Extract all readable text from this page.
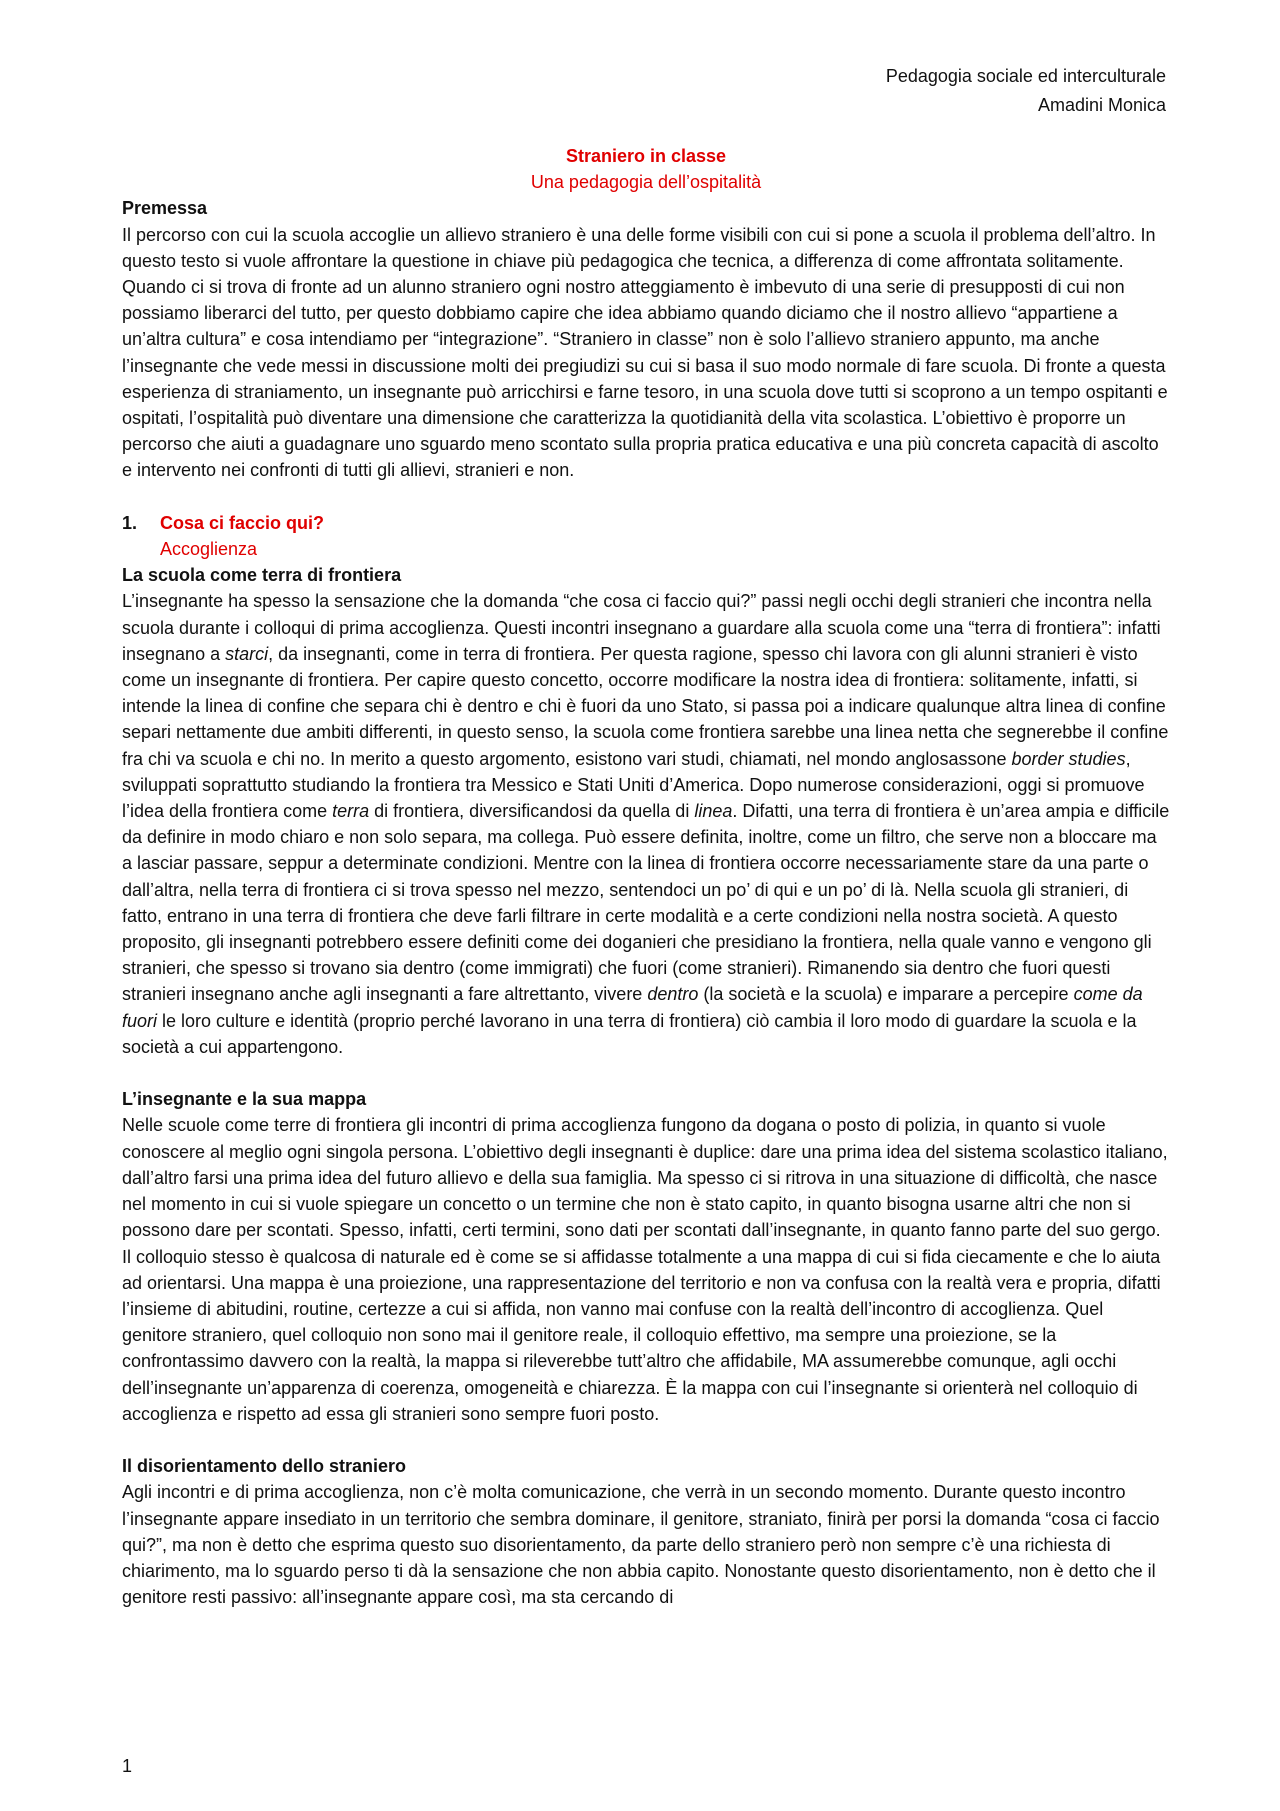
Pedagogia sociale ed interculturale
Amadini Monica

Straniero in classe

Una pedagogia dell’ospitalità

Premessa

Il percorso con cui la scuola accoglie un allievo straniero è una delle forme visibili con cui si pone a scuola il problema dell’altro. In questo testo si vuole affrontare la questione in chiave più pedagogica che tecnica, a differenza di come affrontata solitamente. Quando ci si trova di fronte ad un alunno straniero ogni nostro atteggiamento è imbevuto di una serie di presupposti di cui non possiamo liberarci del tutto, per questo dobbiamo capire che idea abbiamo quando diciamo che il nostro allievo “appartiene a un’altra cultura” e cosa intendiamo per “integrazione”. “Straniero in classe” non è solo l’allievo straniero appunto, ma anche l’insegnante che vede messi in discussione molti dei pregiudizi su cui si basa il suo modo normale di fare scuola. Di fronte a questa esperienza di straniamento, un insegnante può arricchirsi e farne tesoro, in una scuola dove tutti si scoprono a un tempo ospitanti e ospitati, l’ospitalità può diventare una dimensione che caratterizza la quotidianità della vita scolastica. L’obiettivo è proporre un percorso che aiuti a guadagnare uno sguardo meno scontato sulla propria pratica educativa e una più concreta capacità di ascolto e intervento nei confronti di tutti gli allievi, stranieri e non.

1.	Cosa ci faccio qui?

Accoglienza

La scuola come terra di frontiera

L’insegnante ha spesso la sensazione che la domanda “che cosa ci faccio qui?” passi negli occhi degli stranieri che incontra nella scuola durante i colloqui di prima accoglienza. Questi incontri insegnano a guardare alla scuola come una “terra di frontiera”: infatti insegnano a starci, da insegnanti, come in terra di frontiera. Per questa ragione, spesso chi lavora con gli alunni stranieri è visto come un insegnante di frontiera. Per capire questo concetto, occorre modificare la nostra idea di frontiera: solitamente, infatti, si intende la linea di confine che separa chi è dentro e chi è fuori da uno Stato, si passa poi a indicare qualunque altra linea di confine separi nettamente due ambiti differenti, in questo senso, la scuola come frontiera sarebbe una linea netta che segnerebbe il confine fra chi va scuola e chi no. In merito a questo argomento, esistono vari studi, chiamati, nel mondo anglosassone border studies, sviluppati soprattutto studiando la frontiera tra Messico e Stati Uniti d’America. Dopo numerose considerazioni, oggi si promuove l’idea della frontiera come terra di frontiera, diversificandosi da quella di linea. Difatti, una terra di frontiera è un’area ampia e difficile da definire in modo chiaro e non solo separa, ma collega. Può essere definita, inoltre, come un filtro, che serve non a bloccare ma a lasciar passare, seppur a determinate condizioni. Mentre con la linea di frontiera occorre necessariamente stare da una parte o dall’altra, nella terra di frontiera ci si trova spesso nel mezzo, sentendoci un po’ di qui e un po’ di là. Nella scuola gli stranieri, di fatto, entrano in una terra di frontiera che deve farli filtrare in certe modalità e a certe condizioni nella nostra società. A questo proposito, gli insegnanti potrebbero essere definiti come dei doganieri che presidiano la frontiera, nella quale vanno e vengono gli stranieri, che spesso si trovano sia dentro (come immigrati) che fuori (come stranieri). Rimanendo sia dentro che fuori questi stranieri insegnano anche agli insegnanti a fare altrettanto, vivere dentro (la società e la scuola) e imparare a percepire come da fuori le loro culture e identità (proprio perché lavorano in una terra di frontiera) ciò cambia il loro modo di guardare la scuola e la società a cui appartengono.

L’insegnante e la sua mappa

Nelle scuole come terre di frontiera gli incontri di prima accoglienza fungono da dogana o posto di polizia, in quanto si vuole conoscere al meglio ogni singola persona. L’obiettivo degli insegnanti è duplice: dare una prima idea del sistema scolastico italiano, dall’altro farsi una prima idea del futuro allievo e della sua famiglia. Ma spesso ci si ritrova in una situazione di difficoltà, che nasce nel momento in cui si vuole spiegare un concetto o un termine che non è stato capito, in quanto bisogna usarne altri che non si possono dare per scontati. Spesso, infatti, certi termini, sono dati per scontati dall’insegnante, in quanto fanno parte del suo gergo. Il colloquio stesso è qualcosa di naturale ed è come se si affidasse totalmente a una mappa di cui si fida ciecamente e che lo aiuta ad orientarsi. Una mappa è una proiezione, una rappresentazione del territorio e non va confusa con la realtà vera e propria, difatti l’insieme di abitudini, routine, certezze a cui si affida, non vanno mai confuse con la realtà dell’incontro di accoglienza. Quel genitore straniero, quel colloquio non sono mai il genitore reale, il colloquio effettivo, ma sempre una proiezione, se la confrontassimo davvero con la realtà, la mappa si rileverebbe tutt’altro che affidabile, MA assumerebbe comunque, agli occhi dell’insegnante un’apparenza di coerenza, omogeneità e chiarezza. È la mappa con cui l’insegnante si orienterà nel colloquio di accoglienza e rispetto ad essa gli stranieri sono sempre fuori posto.

Il disorientamento dello straniero

Agli incontri e di prima accoglienza, non c’è molta comunicazione, che verrà in un secondo momento. Durante questo incontro l’insegnante appare insediato in un territorio che sembra dominare, il genitore, straniato, finirà per porsi la domanda “cosa ci faccio qui?”, ma non è detto che esprima questo suo disorientamento, da parte dello straniero però non sempre c’è una richiesta di chiarimento, ma lo sguardo perso ti dà la sensazione che non abbia capito. Nonostante questo disorientamento, non è detto che il genitore resti passivo: all’insegnante appare così, ma sta cercando di

1
